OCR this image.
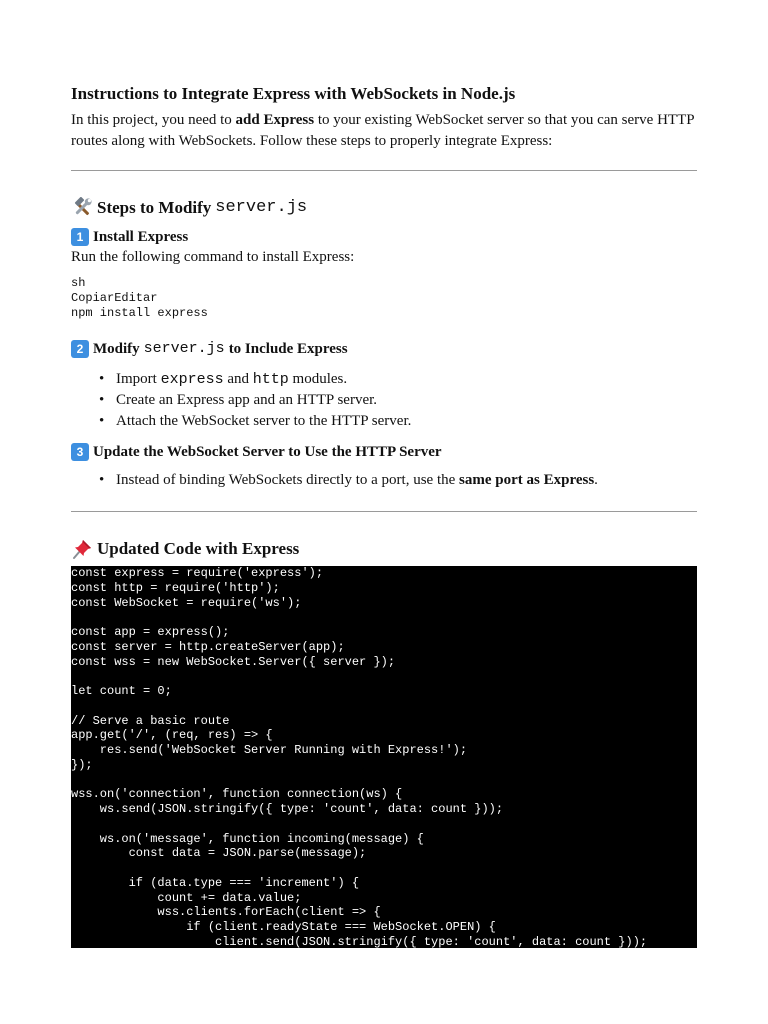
Instructions to Integrate Express with WebSockets in Node.js

In this project, you need to add Express to your existing WebSocket server so that you can serve HTTP routes along with WebSockets. Follow these steps to properly integrate Express:

Steps to Modify server.js
1 Install Express

Run the following command to install Express:

sh
CopiarEditar
npm install express
2 Modify server.js to Include Express
• Import express and http modules.
• Create an Express app and an HTTP server.
• Attach the WebSocket server to the HTTP server.
3 Update the WebSocket Server to Use the HTTP Server
• Instead of binding WebSockets directly to a port, use the same port as Express.
Updated Code with Express
const express = require('express');
const http = require('http');
const WebSocket = require('ws');

const app = express();
const server = http.createServer(app);
const wss = new WebSocket.Server({ server });

let count = 0;

// Serve a basic route
app.get('/', (req, res) => {
res.send('WebSocket Server Running with Express!');
});

wss.on('connection', function connection(ws) {
ws.send(JSON.stringify({ type: 'count', data: count }));

ws.on('message', function incoming(message) {
const data = JSON.parse(message);

if (data.type === 'increment') {
count += data.value;
wss.clients.forEach(client => {
if (client.readyState === WebSocket.OPEN) {
client.send(JSON.stringify({ type: 'count', data: count }));
